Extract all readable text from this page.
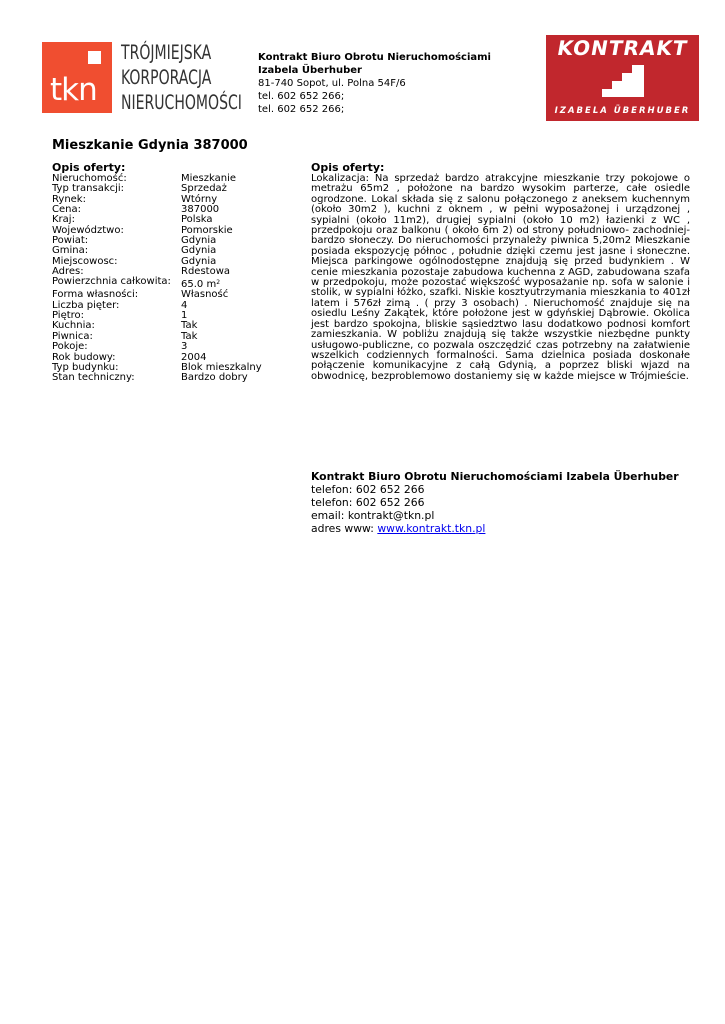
tkn
TRÓJMIEJSKA
KORPORACJA
NIERUCHOMOŚCI
Kontrakt Biuro Obrotu Nieruchomościami Izabela Überhuber
81-740 Sopot, ul. Polna 54F/6
tel. 602 652 266;
tel. 602 652 266;
KONTRAKT
IZABELA ÜBERHUBER
Mieszkanie Gdynia 387000
Opis oferty:
Nieruchomość:	Mieszkanie
Typ transakcji:	Sprzedaż
Rynek:	Wtórny
Cena:	387000
Kraj:	Polska
Województwo:	Pomorskie
Powiat:	Gdynia
Gmina:	Gdynia
Miejscowosc:	Gdynia
Adres:	Rdestowa
Powierzchnia całkowita: 65.0 $m^2$
Forma własności:	Własność
Liczba pięter:	4
Piętro:	1
Kuchnia:	Tak
Piwnica:	Tak
Pokoje:	3
Rok budowy:	2004
Typ budynku:	Blok mieszkalny
Stan techniczny:	Bardzo dobry
Opis oferty:

Lokalizacja: Na sprzedaż bardzo atrakcyjne mieszkanie trzy pokojowe o metrażu 65m2 , położone na bardzo wysokim parterze, całe osiedle ogrodzone. Lokal składa się z salonu połączonego z aneksem kuchennym (około 30m2 ), kuchni z oknem , w pełni wyposażonej i urządzonej , sypialni (około 11m2), drugiej sypialni (około 10 m2) łazienki z WC , przedpokoju oraz balkonu ( około 6m 2) od strony południowo- zachodniej- bardzo słoneczy. Do nieruchomości przynależy piwnica 5,20m2 Mieszkanie posiada ekspozycję północ , południe dzięki czemu jest jasne i słoneczne. Miejsca parkingowe ogólnodostępne znajdują się przed budynkiem . W cenie mieszkania pozostaje zabudowa kuchenna z AGD, zabudowana szafa w przedpokoju, może pozostać większość wyposażanie np. sofa w salonie i stolik, w sypialni łóżko, szafki. Niskie kosztyutrzymania mieszkania to 401zł latem i 576zł zimą . ( przy 3 osobach) . Nieruchomość znajduje się na osiedlu Leśny Zakątek, które położone jest w gdyńskiej Dąbrowie. Okolica jest bardzo spokojna, bliskie sąsiedztwo lasu dodatkowo podnosi komfort zamieszkania. W pobliżu znajdują się także wszystkie niezbędne punkty usługowo-publiczne, co pozwala oszczędzić czas potrzebny na załatwienie wszelkich codziennych formalności. Sama dzielnica posiada doskonałe połączenie komunikacyjne z całą Gdynią, a poprzez bliski wjazd na obwodnicę, bezproblemowo dostaniemy się w każde miejsce w Trójmieście.

Kontrakt Biuro Obrotu Nieruchomościami Izabela Überhuber
telefon: 602 652 266
telefon: 602 652 266
email: kontrakt@tkn.pl
adres www: www.kontrakt.tkn.pl
